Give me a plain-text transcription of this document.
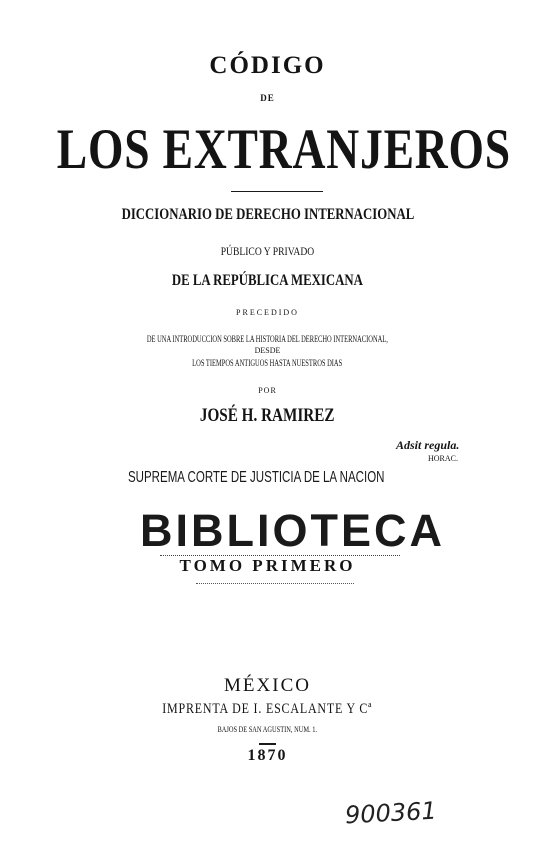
CÓDIGO
DE
LOS EXTRANJEROS
DICCIONARIO DE DERECHO INTERNACIONAL
PÚBLICO Y PRIVADO
DE LA REPÚBLICA MEXICANA
PRECEDIDO
DE UNA INTRODUCCION SOBRE LA HISTORIA DEL DERECHO INTERNACIONAL,
DESDE
LOS TIEMPOS ANTIGUOS HASTA NUESTROS DIAS
POR
JOSÉ H. RAMIREZ
Adsit regula.
HORAC.
SUPREMA CORTE DE JUSTICIA DE LA NACION
BIBLIOTECA
TOMO PRIMERO
MÉXICO
IMPRENTA DE I. ESCALANTE Y Cª
BAJOS DE SAN AGUSTIN, NUM. 1.
1870
900361
